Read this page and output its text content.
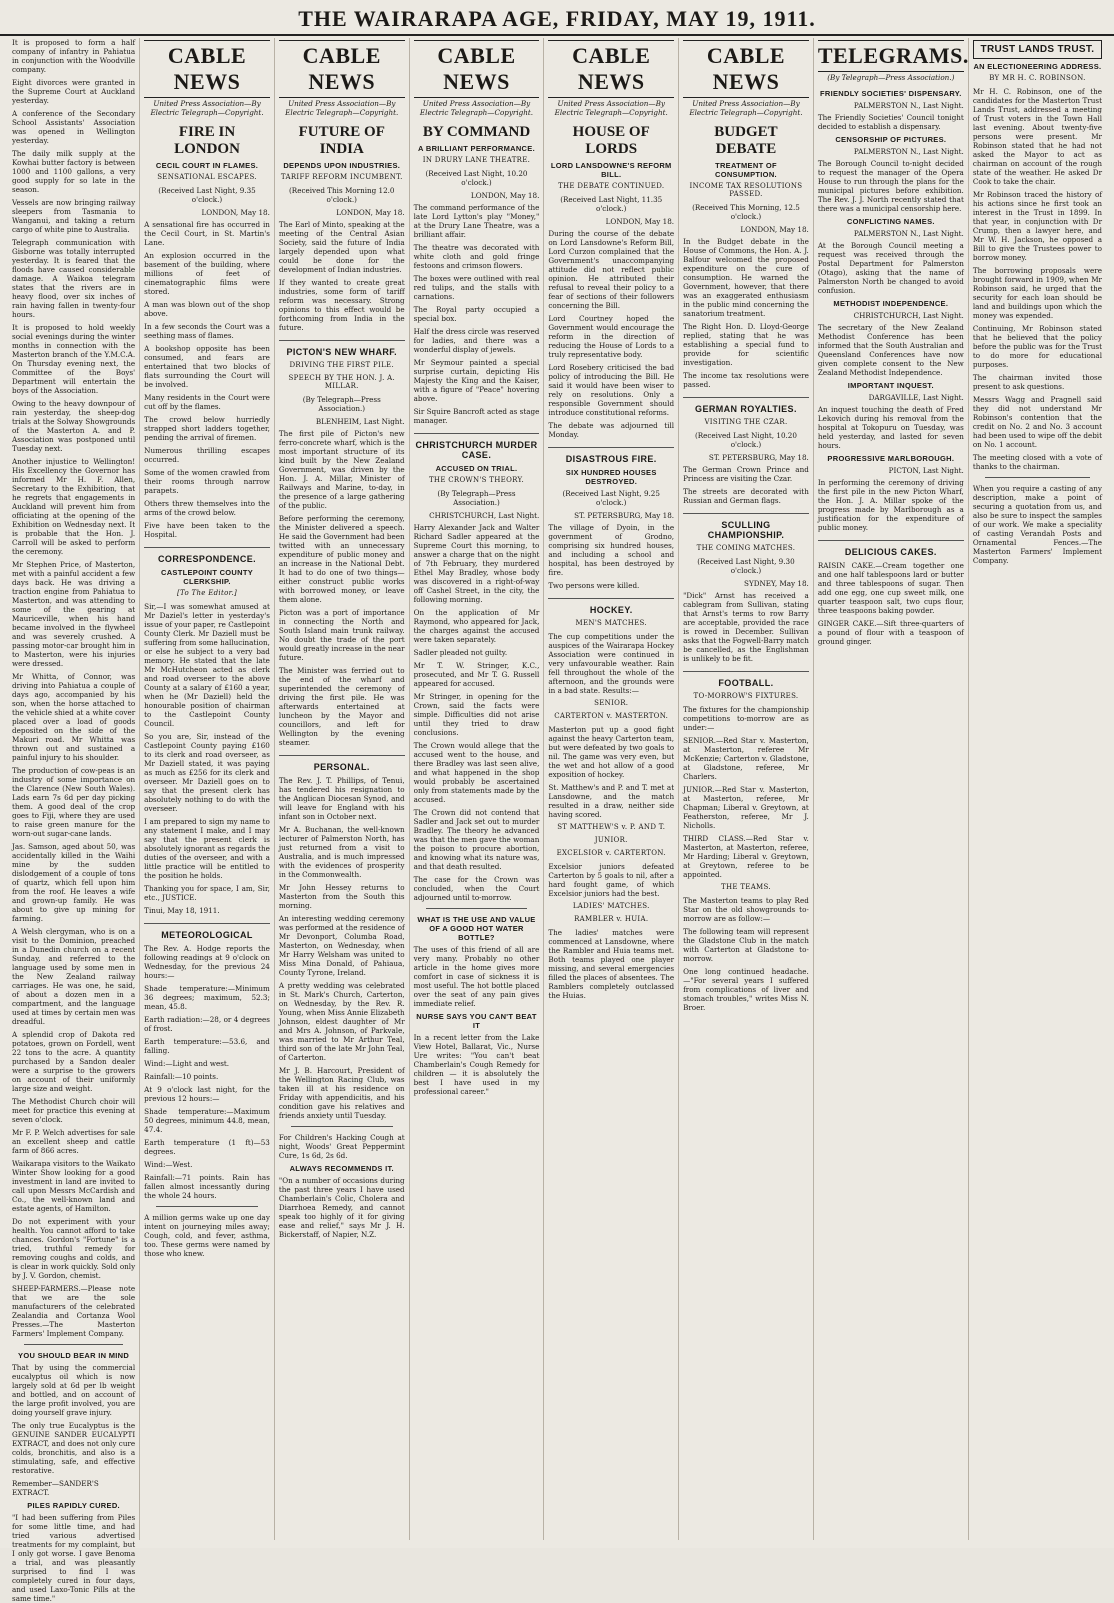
THE WAIRARAPA AGE, FRIDAY, MAY 19, 1911.

It is proposed to form a half company of infantry in Pahiatua in conjunction with the Woodville company.

Eight divorces were granted in the Supreme Court at Auckland yesterday.

A conference of the Secondary School Assistants' Association was opened in Wellington yesterday.

The daily milk supply at the Kowhai butter factory is between 1000 and 1100 gallons, a very good supply for so late in the season.

Vessels are now bringing railway sleepers from Tasmania to Wanganui, and taking a return cargo of white pine to Australia.

Telegraph communication with Gisborne was totally interrupted yesterday. It is feared that the floods have caused considerable damage. A Waikoa telegram states that the rivers are in heavy flood, over six inches of rain having fallen in twenty-four hours.

It is proposed to hold weekly social evenings during the winter months in connection with the Masterton branch of the Y.M.C.A. On Thursday evening next, the Committee of the Boys' Department will entertain the boys of the Association.

Owing to the heavy downpour of rain yesterday, the sheep-dog trials at the Solway Showgrounds of the Masterton A. and P. Association was postponed until Tuesday next.

Another injustice to Wellington! His Excellency the Governor has informed Mr H. F. Allen, Secretary to the Exhibition, that he regrets that engagements in Auckland will prevent him from officiating at the opening of the Exhibition on Wednesday next. It is probable that the Hon. J. Carroll will be asked to perform the ceremony.

Mr Stephen Price, of Masterton, met with a painful accident a few days back. He was driving a traction engine from Pahiatua to Masterton, and was attending to some of the gearing at Mauriceville, when his hand became involved in the flywheel and was severely crushed. A passing motor-car brought him in to Masterton, were his injuries were dressed.

Mr Whitta, of Connor, was driving into Pahiatua a couple of days ago, accompanied by his son, when the horse attached to the vehicle shied at a white cover placed over a load of goods deposited on the side of the Makuri road. Mr Whitta was thrown out and sustained a painful injury to his shoulder.

The production of cow-peas is an industry of some importance on the Clarence (New South Wales). Lads earn 7s 6d per day picking them. A good deal of the crop goes to Fiji, where they are used to raise green manure for the worn-out sugar-cane lands.

Jas. Samson, aged about 50, was accidentally killed in the Waihi mine by the sudden dislodgement of a couple of tons of quartz, which fell upon him from the roof. He leaves a wife and grown-up family. He was about to give up mining for farming.

A Welsh clergyman, who is on a visit to the Dominion, preached in a Dunedin church on a recent Sunday, and referred to the language used by some men in the New Zealand railway carriages. He was one, he said, of about a dozen men in a compartment, and the language used at times by certain men was dreadful.

A splendid crop of Dakota red potatoes, grown on Fordell, went 22 tons to the acre. A quantity purchased by a Sandon dealer were a surprise to the growers on account of their uniformly large size and weight.

The Methodist Church choir will meet for practice this evening at seven o'clock.

Mr F. P. Welch advertises for sale an excellent sheep and cattle farm of 866 acres.

Waikarapa visitors to the Waikato Winter Show looking for a good investment in land are invited to call upon Messrs McCardish and Co., the well-known land and estate agents, of Hamilton.

Do not experiment with your health. You cannot afford to take chances. Gordon's "Fortune" is a tried, truthful remedy for removing coughs and colds, and is clear in work quickly. Sold only by J. V. Gordon, chemist.

SHEEP-FARMERS.—Please note that we are the sole manufacturers of the celebrated Zealandia and Cortanza Wool Presses.—The Masterton Farmers' Implement Company.

YOU SHOULD BEAR IN MIND

That by using the commercial eucalyptus oil which is now largely sold at 6d per lb weight and bottled, and on account of the large profit involved, you are doing yourself grave injury.

The only true Eucalyptus is the GENUINE SANDER EUCALYPTI EXTRACT, and does not only cure colds, bronchitis, and also is a stimulating, safe, and effective restorative.

Remember—SANDER'S EXTRACT.

PILES RAPIDLY CURED.

"I had been suffering from Piles for some little time, and had tried various advertised treatments for my complaint, but I only got worse. I gave Benoma a trial, and was pleasantly surprised to find I was completely cured in four days, and used Laxo-Tonic Pills at the same time."

CABLE NEWS
United Press Association—By Electric Telegraph—Copyright.
FIRE IN LONDON
CECIL COURT IN FLAMES.
SENSATIONAL ESCAPES.

(Received Last Night, 9.35 o'clock.)

LONDON, May 18.

A sensational fire has occurred in the Cecil Court, in St. Martin's Lane.

An explosion occurred in the basement of the building, where millions of feet of cinematographic films were stored.

A man was blown out of the shop above.

In a few seconds the Court was a seething mass of flames.

A bookshop opposite has been consumed, and fears are entertained that two blocks of flats surrounding the Court will be involved.

Many residents in the Court were cut off by the flames.

The crowd below hurriedly strapped short ladders together, pending the arrival of firemen.

Numerous thrilling escapes occurred.

Some of the women crawled from their rooms through narrow parapets.

Others threw themselves into the arms of the crowd below.

Five have been taken to the Hospital.

CORRESPONDENCE.
CASTLEPOINT COUNTY CLERKSHIP.
[To The Editor.]

Sir,—I was somewhat amused at Mr Daziel's letter in yesterday's issue of your paper, re Castlepoint County Clerk. Mr Daziell must be suffering from some hallucination, or else he subject to a very bad memory. He stated that the late Mr McHutcheon acted as clerk and road overseer to the above County at a salary of £160 a year, when he (Mr Daziell) held the honourable position of chairman to the Castlepoint County Council.

So you are, Sir, instead of the Castlepoint County paying £160 to its clerk and road overseer, as Mr Daziell stated, it was paying as much as £256 for its clerk and overseer. Mr Daziell goes on to say that the present clerk has absolutely nothing to do with the overseer.

I am prepared to sign my name to any statement I make, and I may say that the present clerk is absolutely ignorant as regards the duties of the overseer, and with a little practice will be entitled to the position he holds.

Thanking you for space, I am, Sir, etc., JUSTICE.

Tinui, May 18, 1911.

METEOROLOGICAL

The Rev. A. Hodge reports the following readings at 9 o'clock on Wednesday, for the previous 24 hours:—

Shade temperature:—Minimum 36 degrees; maximum, 52.3; mean, 45.8.

Earth radiation:—28, or 4 degrees of frost.

Earth temperature:—53.6, and falling.

Wind:—Light and west.

Rainfall:—10 points.

At 9 o'clock last night, for the previous 12 hours:—

Shade temperature:—Maximum 50 degrees, minimum 44.8, mean, 47.4.

Earth temperature (1 ft)—53 degrees.

Wind:—West.

Rainfall:—71 points. Rain has fallen almost incessantly during the whole 24 hours.

A million germs wake up one day intent on journeying miles away; Cough, cold, and fever, asthma, too. These germs were named by those who knew.

CABLE NEWS
United Press Association—By Electric Telegraph—Copyright.
FUTURE OF INDIA
DEPENDS UPON INDUSTRIES.
TARIFF REFORM INCUMBENT.

(Received This Morning 12.0 o'clock.)

LONDON, May 18.

The Earl of Minto, speaking at the meeting of the Central Asian Society, said the future of India largely depended upon what could be done for the development of Indian industries.

If they wanted to create great industries, some form of tariff reform was necessary. Strong opinions to this effect would be forthcoming from India in the future.

PICTON'S NEW WHARF.
DRIVING THE FIRST PILE.
SPEECH BY THE HON. J. A. MILLAR.

(By Telegraph—Press Association.)

BLENHEIM, Last Night.

The first pile of Picton's new ferro-concrete wharf, which is the most important structure of its kind built by the New Zealand Government, was driven by the Hon. J. A. Millar, Minister of Railways and Marine, to-day, in the presence of a large gathering of the public.

Before performing the ceremony, the Minister delivered a speech. He said the Government had been twitted with an unnecessary expenditure of public money and an increase in the National Debt. It had to do one of two things—either construct public works with borrowed money, or leave them alone.

Picton was a port of importance in connecting the North and South Island main trunk railway. No doubt the trade of the port would greatly increase in the near future.

The Minister was ferried out to the end of the wharf and superintended the ceremony of driving the first pile. He was afterwards entertained at luncheon by the Mayor and councillors, and left for Wellington by the evening steamer.

PERSONAL.

The Rev. J. T. Phillips, of Tenui, has tendered his resignation to the Anglican Diocesan Synod, and will leave for England with his infant son in October next.

Mr A. Buchanan, the well-known lecturer of Palmerston North, has just returned from a visit to Australia, and is much impressed with the evidences of prosperity in the Commonwealth.

Mr John Hessey returns to Masterton from the South this morning.

An interesting wedding ceremony was performed at the residence of Mr Devonport, Columba Road, Masterton, on Wednesday, when Mr Harry Welsham was united to Miss Mina Donald, of Pahiaua, County Tyrone, Ireland.

A pretty wedding was celebrated in St. Mark's Church, Carterton, on Wednesday, by the Rev. R. Young, when Miss Annie Elizabeth Johnson, eldest daughter of Mr and Mrs A. Johnson, of Parkvale, was married to Mr Arthur Teal, third son of the late Mr John Teal, of Carterton.

Mr J. B. Harcourt, President of the Wellington Racing Club, was taken ill at his residence on Friday with appendicitis, and his condition gave his relatives and friends anxiety until Tuesday.

For Children's Hacking Cough at night, Woods' Great Peppermint Cure, 1s 6d, 2s 6d.

ALWAYS RECOMMENDS IT.

"On a number of occasions during the past three years I have used Chamberlain's Colic, Cholera and Diarrhoea Remedy, and cannot speak too highly of it for giving ease and relief," says Mr J. H. Bickerstaff, of Napier, N.Z.

CABLE NEWS
United Press Association—By Electric Telegraph—Copyright.
BY COMMAND
A BRILLIANT PERFORMANCE.
IN DRURY LANE THEATRE.

(Received Last Night, 10.20 o'clock.)

LONDON, May 18.

The command performance of the late Lord Lytton's play "Money," at the Drury Lane Theatre, was a brilliant affair.

The theatre was decorated with white cloth and gold fringe festoons and crimson flowers.

The boxes were outlined with real red tulips, and the stalls with carnations.

The Royal party occupied a special box.

Half the dress circle was reserved for ladies, and there was a wonderful display of jewels.

Mr Seymour painted a special surprise curtain, depicting His Majesty the King and the Kaiser, with a figure of "Peace" hovering above.

Sir Squire Bancroft acted as stage manager.

CHRISTCHURCH MURDER CASE.
ACCUSED ON TRIAL.
THE CROWN'S THEORY.

(By Telegraph—Press Association.)

CHRISTCHURCH, Last Night.

Harry Alexander Jack and Walter Richard Sadler appeared at the Supreme Court this morning, to answer a charge that on the night of 7th February, they murdered Ethel May Bradley, whose body was discovered in a right-of-way off Cashel Street, in the city, the following morning.

On the application of Mr Raymond, who appeared for Jack, the charges against the accused were taken separately.

Sadler pleaded not guilty.

Mr T. W. Stringer, K.C., prosecuted, and Mr T. G. Russell appeared for accused.

Mr Stringer, in opening for the Crown, said the facts were simple. Difficulties did not arise until they tried to draw conclusions.

The Crown would allege that the accused went to the house, and there Bradley was last seen alive, and what happened in the shop would probably be ascertained only from statements made by the accused.

The Crown did not contend that Sadler and Jack set out to murder Bradley. The theory he advanced was that the men gave the woman the poison to procure abortion, and knowing what its nature was, and that death resulted.

The case for the Crown was concluded, when the Court adjourned until to-morrow.

WHAT IS THE USE AND VALUE OF A GOOD HOT WATER BOTTLE?

The uses of this friend of all are very many. Probably no other article in the home gives more comfort in case of sickness it is most useful. The hot bottle placed over the seat of any pain gives immediate relief.

NURSE SAYS YOU CAN'T BEAT IT

In a recent letter from the Lake View Hotel, Ballarat, Vic., Nurse Ure writes: "You can't beat Chamberlain's Cough Remedy for children — it is absolutely the best I have used in my professional career."

CABLE NEWS
United Press Association—By Electric Telegraph—Copyright.
HOUSE OF LORDS
LORD LANSDOWNE'S REFORM BILL.
THE DEBATE CONTINUED.

(Received Last Night, 11.35 o'clock.)

LONDON, May 18.

During the course of the debate on Lord Lansdowne's Reform Bill, Lord Curzon complained that the Government's unaccompanying attitude did not reflect public opinion. He attributed their refusal to reveal their policy to a fear of sections of their followers concerning the Bill.

Lord Courtney hoped the Government would encourage the reform in the direction of reducing the House of Lords to a truly representative body.

Lord Rosebery criticised the bad policy of introducing the Bill. He said it would have been wiser to rely on resolutions. Only a responsible Government should introduce constitutional reforms.

The debate was adjourned till Monday.

DISASTROUS FIRE.
SIX HUNDRED HOUSES DESTROYED.

(Received Last Night, 9.25 o'clock.)

ST. PETERSBURG, May 18.

The village of Dyoin, in the government of Grodno, comprising six hundred houses, and including a school and hospital, has been destroyed by fire.

Two persons were killed.

HOCKEY.
MEN'S MATCHES.

The cup competitions under the auspices of the Wairarapa Hockey Association were continued in very unfavourable weather. Rain fell throughout the whole of the afternoon, and the grounds were in a bad state. Results:—

SENIOR.
CARTERTON v. MASTERTON.

Masterton put up a good fight against the heavy Carterton team, but were defeated by two goals to nil. The game was very even, but the wet and hot allow of a good exposition of hockey.

St. Matthew's and P. and T. met at Lansdowne, and the match resulted in a draw, neither side having scored.

ST MATTHEW'S v. P. AND T.
JUNIOR.
EXCELSIOR v. CARTERTON.

Excelsior juniors defeated Carterton by 5 goals to nil, after a hard fought game, of which Excelsior juniors had the best.

LADIES' MATCHES.
RAMBLER v. HUIA.

The ladies' matches were commenced at Lansdowne, where the Rambler and Huia teams met. Both teams played one player missing, and several emergencies filled the places of absentees. The Ramblers completely outclassed the Huias.

CABLE NEWS
United Press Association—By Electric Telegraph—Copyright.
BUDGET DEBATE
TREATMENT OF CONSUMPTION.
INCOME TAX RESOLUTIONS PASSED.

(Received This Morning, 12.5 o'clock.)

LONDON, May 18.

In the Budget debate in the House of Commons, the Hon. A. J. Balfour welcomed the proposed expenditure on the cure of consumption. He warned the Government, however, that there was an exaggerated enthusiasm in the public mind concerning the sanatorium treatment.

The Right Hon. D. Lloyd-George replied, stating that he was establishing a special fund to provide for scientific investigation.

The income tax resolutions were passed.

GERMAN ROYALTIES.
VISITING THE CZAR.

(Received Last Night, 10.20 o'clock.)

ST. PETERSBURG, May 18.

The German Crown Prince and Princess are visiting the Czar.

The streets are decorated with Russian and German flags.

SCULLING CHAMPIONSHIP.
THE COMING MATCHES.

(Received Last Night, 9.30 o'clock.)

SYDNEY, May 18.

"Dick" Arnst has received a cablegram from Sullivan, stating that Arnst's terms to row Barry are acceptable, provided the race is rowed in December. Sullivan asks that the Fogwell-Barry match be cancelled, as the Englishman is unlikely to be fit.

FOOTBALL.
TO-MORROW'S FIXTURES.

The fixtures for the championship competitions to-morrow are as under:—

SENIOR.—Red Star v. Masterton, at Masterton, referee Mr McKenzie; Carterton v. Gladstone, at Gladstone, referee, Mr Charlers.

JUNIOR.—Red Star v. Masterton, at Masterton, referee, Mr Chapman; Liberal v. Greytown, at Featherston, referee, Mr J. Nicholls.

THIRD CLASS.—Red Star v. Masterton, at Masterton, referee, Mr Harding; Liberal v. Greytown, at Greytown, referee to be appointed.

THE TEAMS.

The Masterton teams to play Red Star on the old showgrounds to-morrow are as follow:—

The following team will represent the Gladstone Club in the match with Carterton at Gladstone to-morrow.

One long continued headache.—"For several years I suffered from complications of liver and stomach troubles," writes Miss N. Broer.

TELEGRAMS.
(By Telegraph—Press Association.)
FRIENDLY SOCIETIES' DISPENSARY.
PALMERSTON N., Last Night.

The Friendly Societies' Council tonight decided to establish a dispensary.

CENSORSHIP OF PICTURES.
PALMERSTON N., Last Night.

The Borough Council to-night decided to request the manager of the Opera House to run through the plans for the municipal pictures before exhibition. The Rev. J. J. North recently stated that there was a municipal censorship here.

CONFLICTING NAMES.
PALMERSTON N., Last Night.

At the Borough Council meeting a request was received through the Postal Department for Palmerston (Otago), asking that the name of Palmerston North be changed to avoid confusion.

METHODIST INDEPENDENCE.
CHRISTCHURCH, Last Night.

The secretary of the New Zealand Methodist Conference has been informed that the South Australian and Queensland Conferences have now given complete consent to the New Zealand Methodist Independence.

IMPORTANT INQUEST.
DARGAVILLE, Last Night.

An inquest touching the death of Fred Lekovich during his removal from the hospital at Tokopuru on Tuesday, was held yesterday, and lasted for seven hours.

PROGRESSIVE MARLBOROUGH.
PICTON, Last Night.

In performing the ceremony of driving the first pile in the new Picton Wharf, the Hon. J. A. Millar spoke of the progress made by Marlborough as a justification for the expenditure of public money.

DELICIOUS CAKES.

RAISIN CAKE.—Cream together one and one half tablespoons lard or butter and three tablespoons of sugar. Then add one egg, one cup sweet milk, one quarter teaspoon salt, two cups flour, three teaspoons baking powder.

GINGER CAKE.—Sift three-quarters of a pound of flour with a teaspoon of ground ginger.

TRUST LANDS TRUST.
AN ELECTIONEERING ADDRESS.
BY MR H. C. ROBINSON.

Mr H. C. Robinson, one of the candidates for the Masterton Trust Lands Trust, addressed a meeting of Trust voters in the Town Hall last evening. About twenty-five persons were present. Mr Robinson stated that he had not asked the Mayor to act as chairman on account of the rough state of the weather. He asked Dr Cook to take the chair.

Mr Robinson traced the history of his actions since he first took an interest in the Trust in 1899. In that year, in conjunction with Dr Crump, then a lawyer here, and Mr W. H. Jackson, he opposed a Bill to give the Trustees power to borrow money.

The borrowing proposals were brought forward in 1909, when Mr Robinson said, he urged that the security for each loan should be land and buildings upon which the money was expended.

Continuing, Mr Robinson stated that he believed that the policy before the public was for the Trust to do more for educational purposes.

The chairman invited those present to ask questions.

Messrs Wagg and Pragnell said they did not understand Mr Robinson's contention that the credit on No. 2 and No. 3 account had been used to wipe off the debit on No. 1 account.

The meeting closed with a vote of thanks to the chairman.

When you require a casting of any description, make a point of securing a quotation from us, and also be sure to inspect the samples of our work. We make a speciality of casting Verandah Posts and Ornamental Fences.—The Masterton Farmers' Implement Company.
